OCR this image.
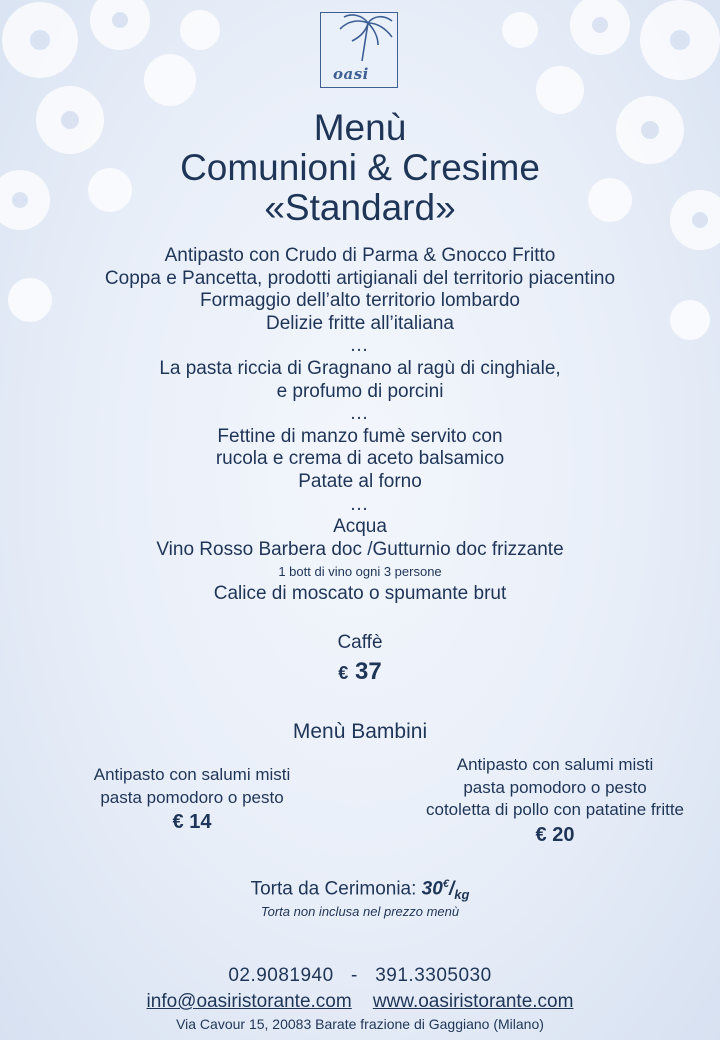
oasi
Menù
Comunioni & Cresime
«Standard»
Antipasto con Crudo di Parma & Gnocco Fritto
Coppa e Pancetta, prodotti artigianali del territorio piacentino
Formaggio dell’alto territorio lombardo
Delizie fritte all’italiana
…
La pasta riccia di Gragnano al ragù di cinghiale,
e profumo di porcini
…
Fettine di manzo fumè servito con
rucola e crema di aceto balsamico
Patate al forno
…
Acqua
Vino Rosso Barbera doc /Gutturnio doc frizzante
1 bott di vino ogni 3 persone
Calice di moscato o spumante brut
Caffè
€ 37
Menù Bambini
Antipasto con salumi misti
pasta pomodoro o pesto
€ 14
Antipasto con salumi misti
pasta pomodoro o pesto
cotoletta di pollo con patatine fritte
€ 20
Torta da Cerimonia: $30^€/_{kg}$
Torta non inclusa nel prezzo menù
02.9081940 - 391.3305030
info@oasiristorante.com www.oasiristorante.com
Via Cavour 15, 20083 Barate frazione di Gaggiano (Milano)
